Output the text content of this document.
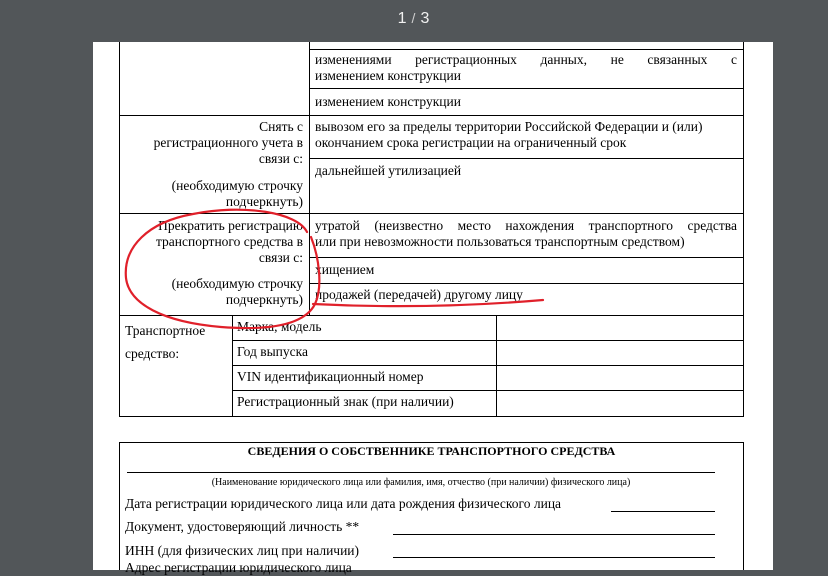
1 / 3
изменениями регистрационных данных, не связанных с
изменением конструкции
изменением конструкции
Снять с
регистрационного учета в
связи с:
(необходимую строчку
подчеркнуть)
вывозом его за пределы территории Российской Федерации и (или)
окончанием срока регистрации на ограниченный срок
дальнейшей утилизацией
Прекратить регистрацию
транспортного средства в
связи с:
(необходимую строчку
подчеркнуть)
утратой (неизвестно место нахождения транспортного средства
или при невозможности пользоваться транспортным средством)
хищением
продажей (передачей) другому лицу
Транспортное
средство:
Марка, модель
Год выпуска
VIN идентификационный номер
Регистрационный знак (при наличии)
СВЕДЕНИЯ О СОБСТВЕННИКЕ ТРАНСПОРТНОГО СРЕДСТВА
(Наименование юридического лица или фамилия, имя, отчество (при наличии) физического лица)
Дата регистрации юридического лица или дата рождения физического лица
Документ, удостоверяющий личность **
ИНН (для физических лиц при наличии)
Адрес регистрации юридического лица
